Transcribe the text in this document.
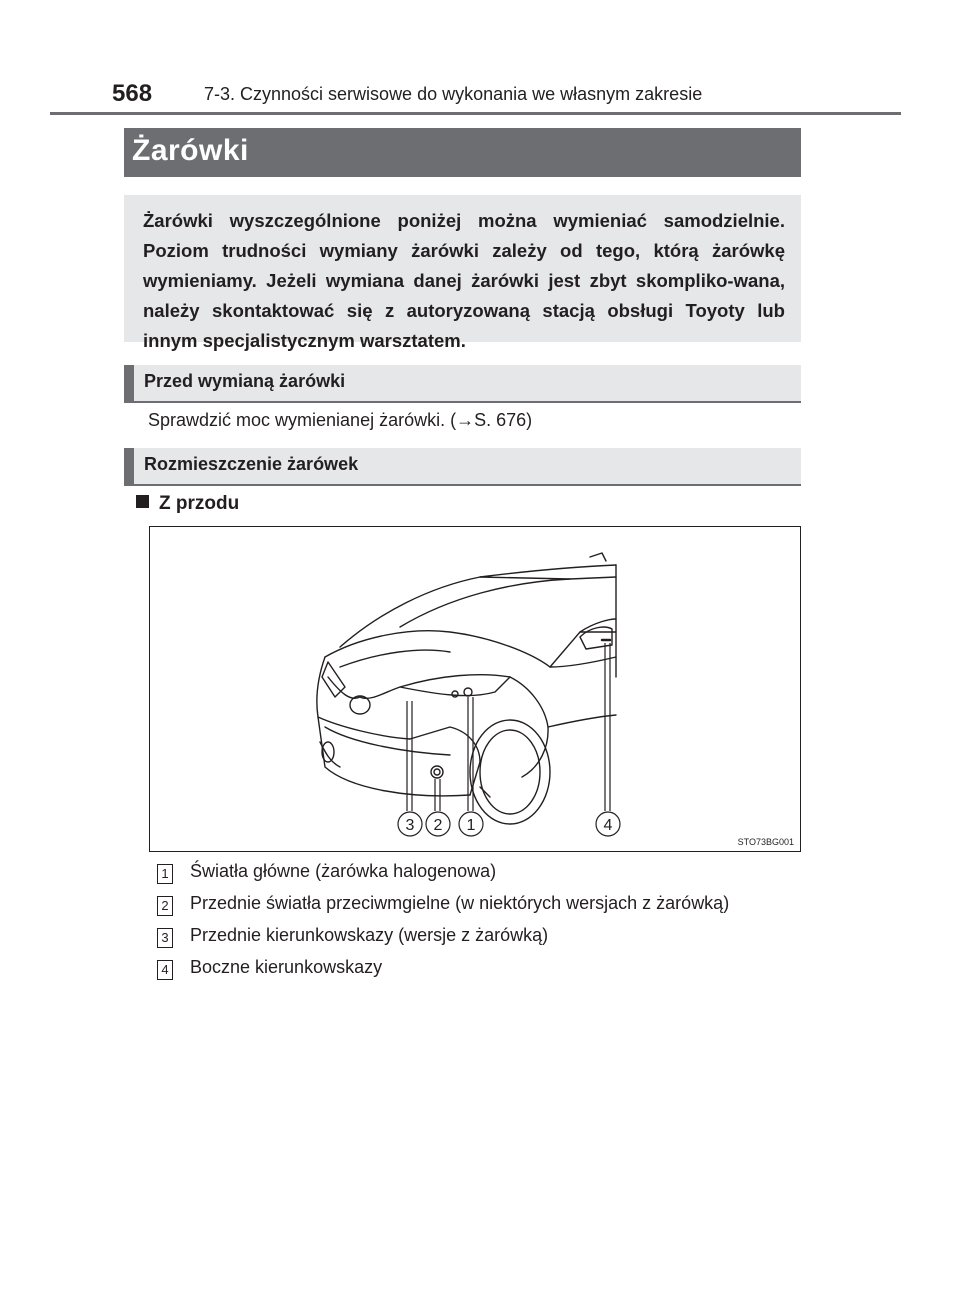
568	7-3. Czynności serwisowe do wykonania we własnym zakresie
Żarówki

Żarówki wyszczególnione poniżej można wymieniać samodzielnie. Poziom trudności wymiany żarówki zależy od tego, którą żarówkę wymieniamy. Jeżeli wymiana danej żarówki jest zbyt skompliko-wana, należy skontaktować się z autoryzowaną stacją obsługi Toyoty lub innym specjalistycznym warsztatem.

Przed wymianą żarówki
Sprawdzić moc wymienianej żarówki. (→S. 676)
Rozmieszczenie żarówek
Z przodu
3 2 1	4
STO73BG001
1 Światła główne (żarówka halogenowa)
2 Przednie światła przeciwmgielne (w niektórych wersjach z żarówką)
3 Przednie kierunkowskazy (wersje z żarówką)
4 Boczne kierunkowskazy
